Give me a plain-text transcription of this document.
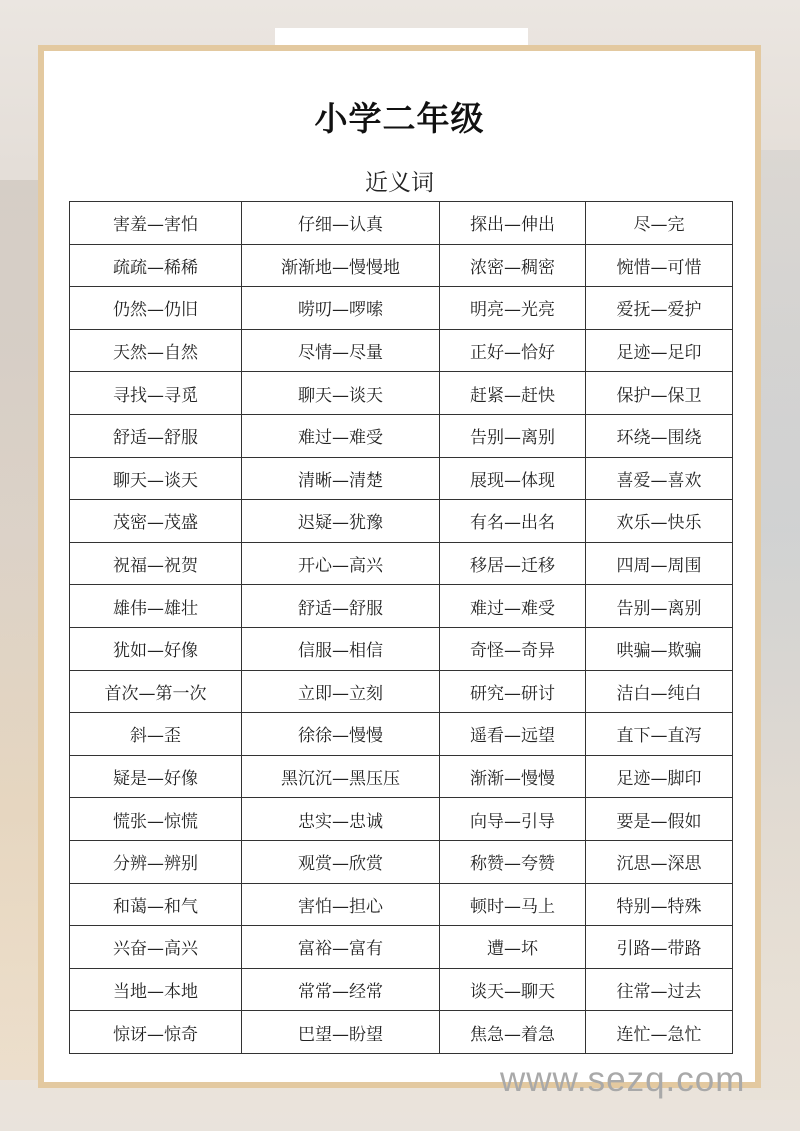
小学二年级
近义词
害羞—害怕	仔细—认真	探出—伸出	尽—完
疏疏—稀稀	渐渐地—慢慢地	浓密—稠密	惋惜—可惜
仍然—仍旧	唠叨—啰嗦	明亮—光亮	爱抚—爱护
天然—自然	尽情—尽量	正好—恰好	足迹—足印
寻找—寻觅	聊天—谈天	赶紧—赶快	保护—保卫
舒适—舒服	难过—难受	告别—离别	环绕—围绕
聊天—谈天	清晰—清楚	展现—体现	喜爱—喜欢
茂密—茂盛	迟疑—犹豫	有名—出名	欢乐—快乐
祝福—祝贺	开心—高兴	移居—迁移	四周—周围
雄伟—雄壮	舒适—舒服	难过—难受	告别—离别
犹如—好像	信服—相信	奇怪—奇异	哄骗—欺骗
首次—第一次	立即—立刻	研究—研讨	洁白—纯白
斜—歪	徐徐—慢慢	遥看—远望	直下—直泻
疑是—好像	黑沉沉—黑压压	渐渐—慢慢	足迹—脚印
慌张—惊慌	忠实—忠诚	向导—引导	要是—假如
分辨—辨别	观赏—欣赏	称赞—夸赞	沉思—深思
和蔼—和气	害怕—担心	顿时—马上	特别—特殊
兴奋—高兴	富裕—富有	遭—坏	引路—带路
当地—本地	常常—经常	谈天—聊天	往常—过去
惊讶—惊奇	巴望—盼望	焦急—着急	连忙—急忙
www.sezq.com
